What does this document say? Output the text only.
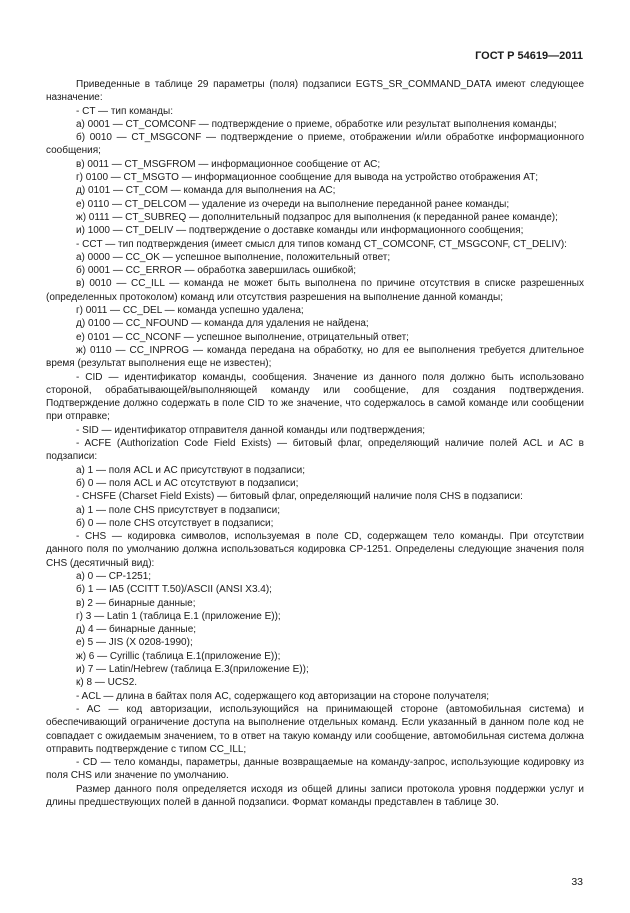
ГОСТ Р 54619—2011

Приведенные в таблице 29 параметры (поля) подзаписи EGTS_SR_COMMAND_DATA имеют следующее назначение:

- CT — тип команды:

а) 0001 — CT_COMCONF — подтверждение о приеме, обработке или результат выполнения команды;

б) 0010 — CT_MSGCONF — подтверждение о приеме, отображении и/или обработке информационного сообщения;

в) 0011 — CT_MSGFROM — информационное сообщение от АС;

г) 0100 — CT_MSGTO — информационное сообщение для вывода на устройство отображения АТ;

д) 0101 — CT_COM — команда для выполнения на АС;

е) 0110 — CT_DELCOM — удаление из очереди на выполнение переданной ранее команды;

ж) 0111 — CT_SUBREQ — дополнительный подзапрос для выполнения (к переданной ранее команде);

и) 1000 — CT_DELIV — подтверждение о доставке команды или информационного сообщения;

- CCT — тип подтверждения (имеет смысл для типов команд CT_COMCONF, CT_MSGCONF, CT_DELIV):

а) 0000 — CC_OK — успешное выполнение, положительный ответ;

б) 0001 — CC_ERROR — обработка завершилась ошибкой;

в) 0010 — CC_ILL — команда не может быть выполнена по причине отсутствия в списке разрешенных (определенных протоколом) команд или отсутствия разрешения на выполнение данной команды;

г) 0011 — CC_DEL — команда успешно удалена;

д) 0100 — CC_NFOUND — команда для удаления не найдена;

е) 0101 — CC_NCONF — успешное выполнение, отрицательный ответ;

ж) 0110 — CC_INPROG — команда передана на обработку, но для ее выполнения требуется длительное время (результат выполнения еще не известен);

- CID — идентификатор команды, сообщения. Значение из данного поля должно быть использовано стороной, обрабатывающей/выполняющей команду или сообщение, для создания подтверждения. Подтверждение должно содержать в поле CID то же значение, что содержалось в самой команде или сообщении при отправке;

- SID — идентификатор отправителя данной команды или подтверждения;

- ACFE (Authorization Code Field Exists) — битовый флаг, определяющий наличие полей ACL и AC в подзаписи:

а) 1 — поля ACL и AC присутствуют в подзаписи;

б) 0 — поля ACL и AC отсутствуют в подзаписи;

- CHSFE (Charset Field Exists) — битовый флаг, определяющий наличие поля CHS в подзаписи:

а) 1 — поле CHS присутствует в подзаписи;

б) 0 — поле CHS отсутствует в подзаписи;

- CHS — кодировка символов, используемая в поле CD, содержащем тело команды. При отсутствии данного поля по умолчанию должна использоваться кодировка CP-1251. Определены следующие значения поля CHS (десятичный вид):

а) 0 — CP-1251;

б) 1 — IA5 (CCITT T.50)/ASCII (ANSI X3.4);

в) 2 — бинарные данные;

г) 3 — Latin 1 (таблица Е.1 (приложение Е));

д) 4 — бинарные данные;

е) 5 — JIS (X 0208-1990);

ж) 6 — Cyrillic (таблица Е.1(приложение Е));

и) 7 — Latin/Hebrew (таблица Е.3(приложение Е));

к) 8 — UCS2.

- ACL — длина в байтах поля AC, содержащего код авторизации на стороне получателя;

- AC — код авторизации, использующийся на принимающей стороне (автомобильная система) и обеспечивающий ограничение доступа на выполнение отдельных команд. Если указанный в данном поле код не совпадает с ожидаемым значением, то в ответ на такую команду или сообщение, автомобильная система должна отправить подтверждение с типом CC_ILL;

- CD — тело команды, параметры, данные возвращаемые на команду-запрос, использующие кодировку из поля CHS или значение по умолчанию.

Размер данного поля определяется исходя из общей длины записи протокола уровня поддержки услуг и длины предшествующих полей в данной подзаписи. Формат команды представлен в таблице 30.

33
